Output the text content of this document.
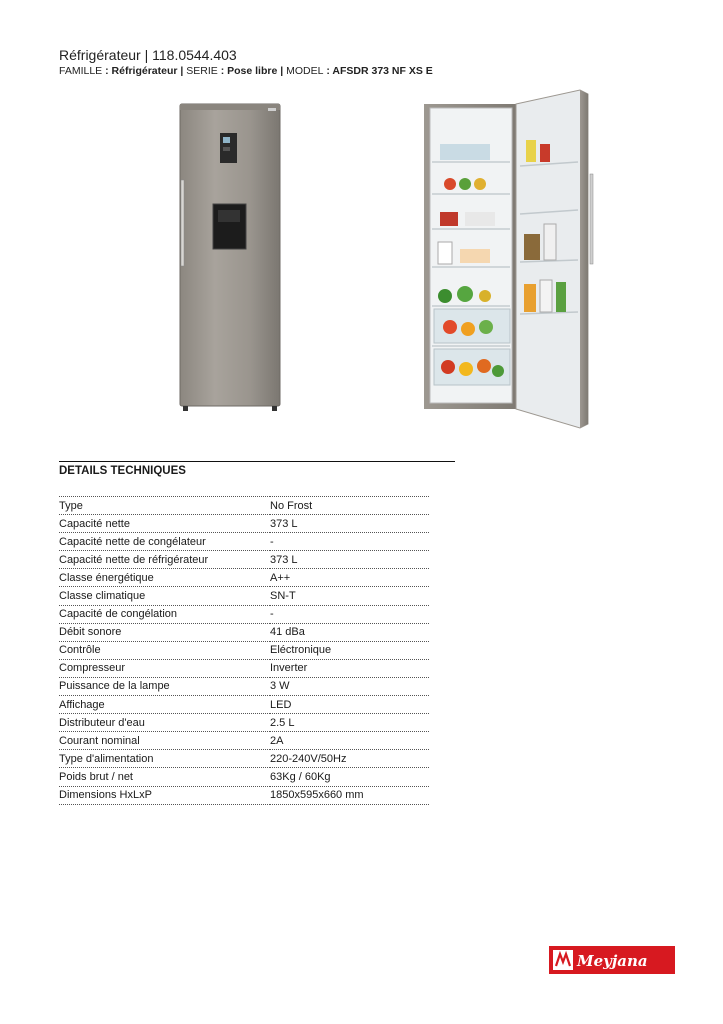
Réfrigérateur | 118.0544.403
FAMILLE : Réfrigérateur | SERIE : Pose libre | MODEL : AFSDR 373 NF XS E
DETAILS TECHNIQUES
Type	No Frost
Capacité nette	373 L
Capacité nette de congélateur	-
Capacité nette de réfrigérateur	373 L
Classe énergétique	A++
Classe climatique	SN-T
Capacité de congélation	-
Débit sonore	41 dBa
Contrôle	Eléctronique
Compresseur	Inverter
Puissance de la lampe	3 W
Affichage	LED
Distributeur d'eau	2.5 L
Courant nominal	2A
Type d'alimentation	220-240V/50Hz
Poids brut / net	63Kg / 60Kg
Dimensions HxLxP	1850x595x660 mm
Meyjana
